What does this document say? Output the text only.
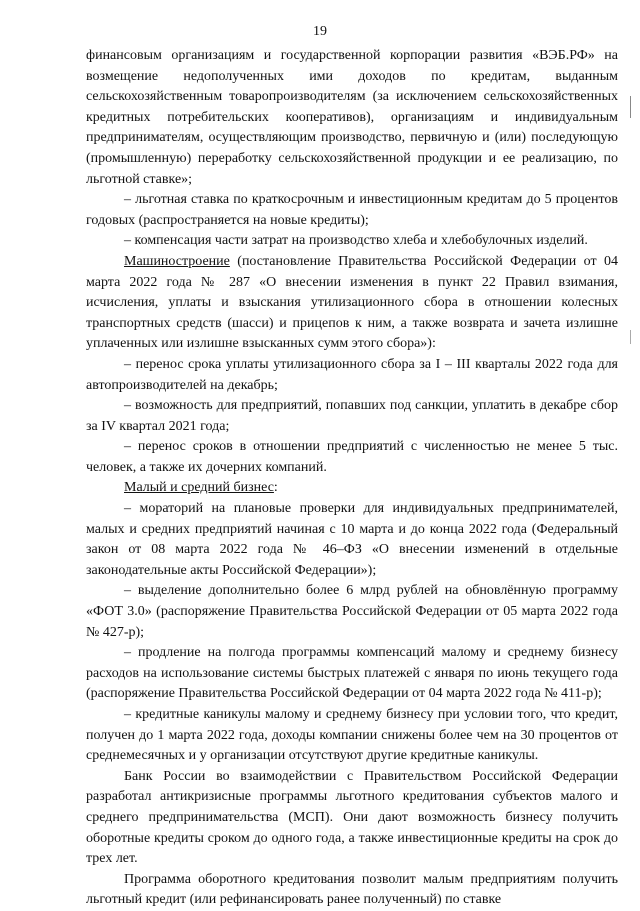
19

финансовым организациям и государственной корпорации развития «ВЭБ.РФ» на возмещение недополученных ими доходов по кредитам, выданным сельскохозяйственным товаропроизводителям (за исключением сельскохозяйственных кредитных потребительских кооперативов), организациям и индивидуальным предпринимателям, осуществляющим производство, первичную и (или) последующую (промышленную) переработку сельскохозяйственной продукции и ее реализацию, по льготной ставке»;

– льготная ставка по краткосрочным и инвестиционным кредитам до 5 процентов годовых (распространяется на новые кредиты);

– компенсация части затрат на производство хлеба и хлебобулочных изделий.

Машиностроение (постановление Правительства Российской Федерации от 04 марта 2022 года № 287 «О внесении изменения в пункт 22 Правил взимания, исчисления, уплаты и взыскания утилизационного сбора в отношении колесных транспортных средств (шасси) и прицепов к ним, а также возврата и зачета излишне уплаченных или излишне взысканных сумм этого сбора»):

– перенос срока уплаты утилизационного сбора за I – III кварталы 2022 года для автопроизводителей на декабрь;

– возможность для предприятий, попавших под санкции, уплатить в декабре сбор за IV квартал 2021 года;

– перенос сроков в отношении предприятий с численностью не менее 5 тыс. человек, а также их дочерних компаний.

Малый и средний бизнес:

– мораторий на плановые проверки для индивидуальных предпринимателей, малых и средних предприятий начиная с 10 марта и до конца 2022 года (Федеральный закон от 08 марта 2022 года № 46–ФЗ «О внесении изменений в отдельные законодательные акты Российской Федерации»);

– выделение дополнительно более 6 млрд рублей на обновлённую программу «ФОТ 3.0» (распоряжение Правительства Российской Федерации от 05 марта 2022 года № 427-р);

– продление на полгода программы компенсаций малому и среднему бизнесу расходов на использование системы быстрых платежей с января по июнь текущего года (распоряжение Правительства Российской Федерации от 04 марта 2022 года № 411-р);

– кредитные каникулы малому и среднему бизнесу при условии того, что кредит, получен до 1 марта 2022 года, доходы компании снижены более чем на 30 процентов от среднемесячных и у организации отсутствуют другие кредитные каникулы.

Банк России во взаимодействии с Правительством Российской Федерации разработал антикризисные программы льготного кредитования субъектов малого и среднего предпринимательства (МСП). Они дают возможность бизнесу получить оборотные кредиты сроком до одного года, а также инвестиционные кредиты на срок до трех лет.

Программа оборотного кредитования позволит малым предприятиям получить льготный кредит (или рефинансировать ранее полученный) по ставке
